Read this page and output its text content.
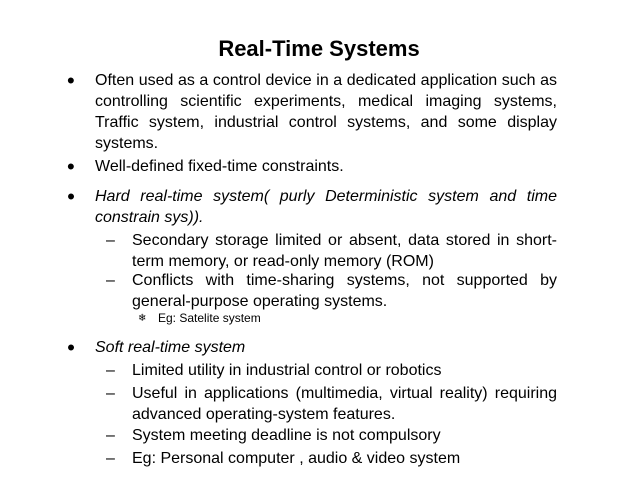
Real-Time Systems
• Often used as a control device in a dedicated application such as controlling scientific experiments, medical imaging systems, Traffic system, industrial control systems, and some display systems.
• Well-defined fixed-time constraints.
• Hard real-time system( purly Deterministic system and time constrain sys)).
– Secondary storage limited or absent, data stored in short-term memory, or read-only memory (ROM)
– Conflicts with time-sharing systems, not supported by general-purpose operating systems.
❄ Eg: Satelite system
• Soft real-time system
– Limited utility in industrial control or robotics
– Useful in applications (multimedia, virtual reality) requiring advanced operating-system features.
– System meeting deadline is not compulsory
– Eg: Personal computer , audio & video system
